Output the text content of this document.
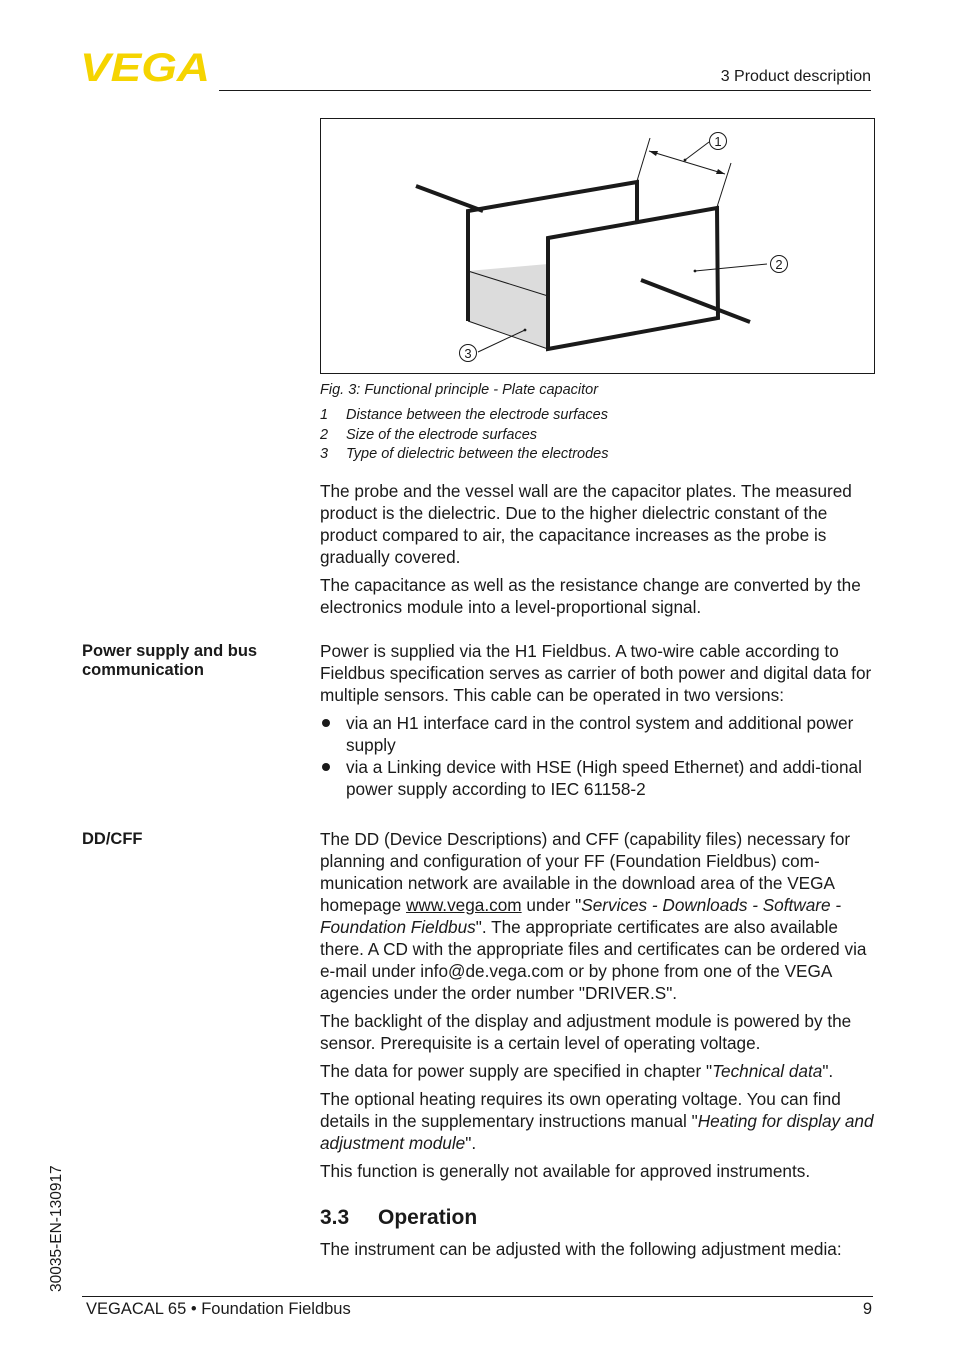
VEGA	3 Product description
1
2
3
Fig. 3: Functional principle - Plate capacitor
1 Distance between the electrode surfaces
2 Size of the electrode surfaces
3 Type of dielectric between the electrodes

The probe and the vessel wall are the capacitor plates. The measured product is the dielectric. Due to the higher dielectric constant of the product compared to air, the capacitance increases as the probe is gradually covered.

The capacitance as well as the resistance change are converted by the electronics module into a level-proportional signal.

Power supply and bus communication

Power is supplied via the H1 Fieldbus. A two-wire cable according to Fieldbus specification serves as carrier of both power and digital data for multiple sensors. This cable can be operated in two versions:

via an H1 interface card in the control system and additional power supply
via a Linking device with HSE (High speed Ethernet) and addi-tional power supply according to IEC 61158-2
DD/CFF	The DD (Device Descriptions) and CFF (capability files) necessary for planning and configuration of your FF (Foundation Fieldbus) com-munication network are available in the download area of the VEGA homepage www.vega.com under "Services - Downloads - Software - Foundation Fieldbus". The appropriate certificates are also available there. A CD with the appropriate files and certificates can be ordered via e-mail under info@de.vega.com or by phone from one of the VEGA agencies under the order number "DRIVER.S".

The backlight of the display and adjustment module is powered by the sensor. Prerequisite is a certain level of operating voltage.

The data for power supply are specified in chapter "Technical data".

The optional heating requires its own operating voltage. You can find details in the supplementary instructions manual "Heating for display and adjustment module".

This function is generally not available for approved instruments.

3.3 Operation

The instrument can be adjusted with the following adjustment media:

30035-EN-130917
VEGACAL 65 • Foundation Fieldbus	9
